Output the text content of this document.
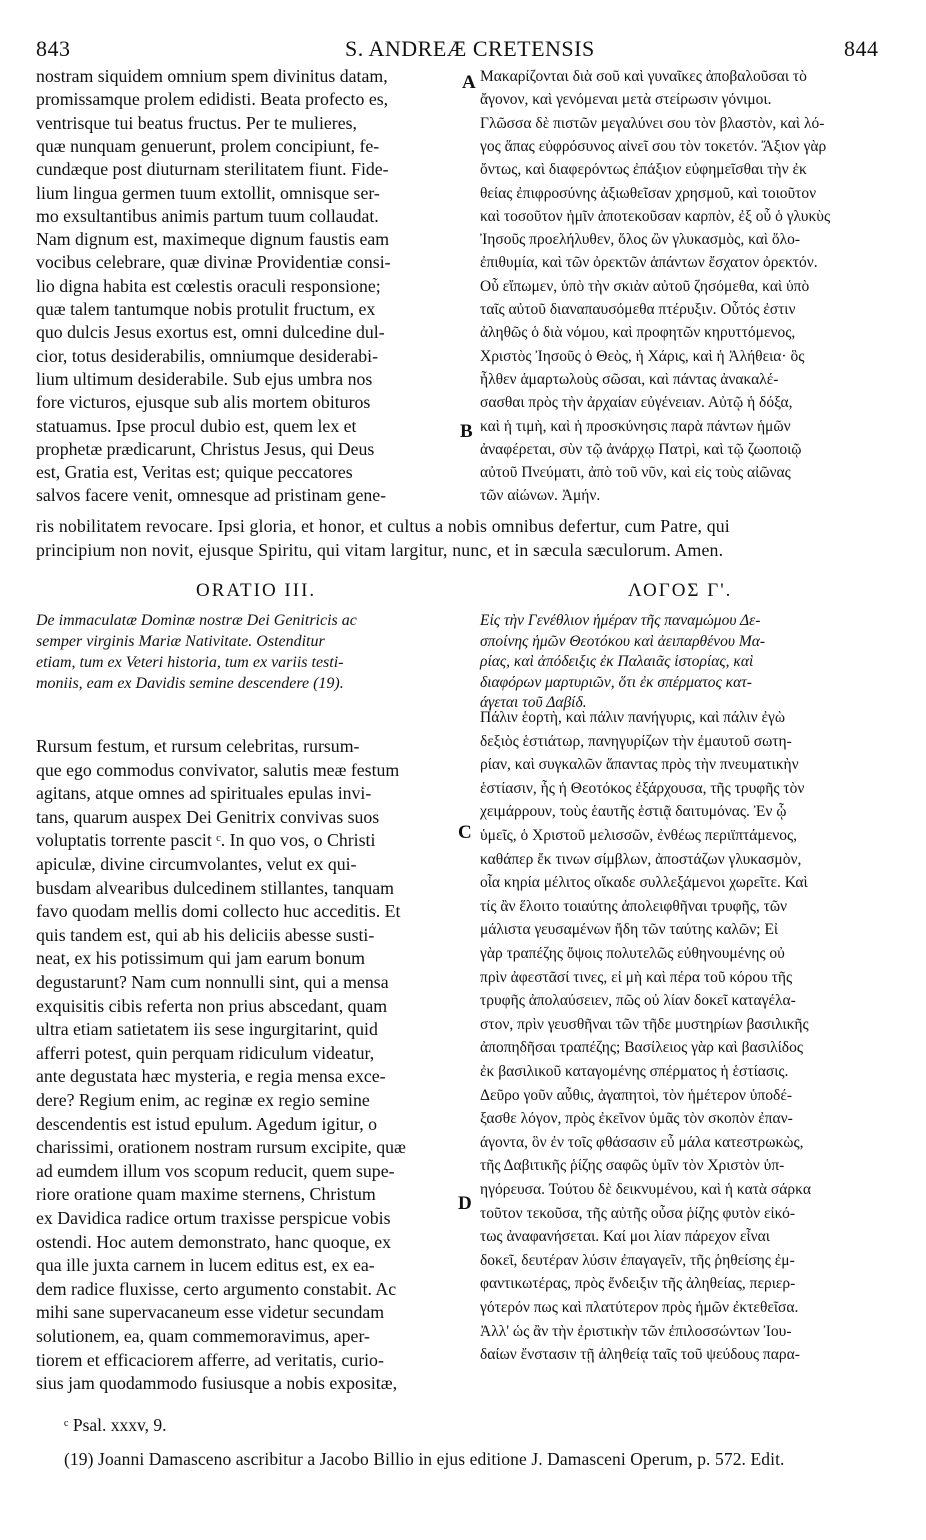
843	S. ANDREÆ CRETENSIS	844
A
B
C
D
nostram siquidem omnium spem divinitus datam,
promissamque prolem edidisti. Beata profecto es,
ventrisque tui beatus fructus. Per te mulieres,
quæ nunquam genuerunt, prolem concipiunt, fe-
cundæque post diuturnam sterilitatem fiunt. Fide-
lium lingua germen tuum extollit, omnisque ser-
mo exsultantibus animis partum tuum collaudat.
Nam dignum est, maximeque dignum faustis eam
vocibus celebrare, quæ divinæ Providentiæ consi-
lio digna habita est cœlestis oraculi responsione;
quæ talem tantumque nobis protulit fructum, ex
quo dulcis Jesus exortus est, omni dulcedine dul-
cior, totus desiderabilis, omniumque desiderabi-
lium ultimum desiderabile. Sub ejus umbra nos
fore victuros, ejusque sub alis mortem obituros
statuamus. Ipse procul dubio est, quem lex et
prophetæ prædicarunt, Christus Jesus, qui Deus
est, Gratia est, Veritas est; quique peccatores
salvos facere venit, omnesque ad pristinam gene-
Μακαρίζονται διὰ σοῦ καὶ γυναῖκες ἀποβαλοῦσαι τὸ
ἄγονον, καὶ γενόμεναι μετὰ στείρωσιν γόνιμοι.
Γλῶσσα δὲ πιστῶν μεγαλύνει σου τὸν βλαστὸν, καὶ λό-
γος ἅπας εὐφρόσυνος αἰνεῖ σου τὸν τοκετόν. Ἄξιον γὰρ
ὄντως, καὶ διαφερόντως ἐπάξιον εὐφημεῖσθαι τὴν ἐκ
θείας ἐπιφροσύνης ἀξιωθεῖσαν χρησμοῦ, καὶ τοιοῦτον
καὶ τοσοῦτον ἡμῖν ἀποτεκοῦσαν καρπὸν, ἐξ οὗ ὁ γλυκὺς
Ἰησοῦς προελήλυθεν, ὅλος ὢν γλυκασμὸς, καὶ ὅλο-
ἐπιθυμία, καὶ τῶν ὀρεκτῶν ἁπάντων ἔσχατον ὀρεκτόν.
Οὗ εἴπωμεν, ὑπὸ τὴν σκιὰν αὐτοῦ ζησόμεθα, καὶ ὑπὸ
ταῖς αὐτοῦ διαναπαυσόμεθα πτέρυξιν. Οὗτός ἐστιν
ἀληθῶς ὁ διὰ νόμου, καὶ προφητῶν κηρυττόμενος,
Χριστὸς Ἰησοῦς ὁ Θεὸς, ἡ Χάρις, καὶ ἡ Ἀλήθεια· ὃς
ἦλθεν ἁμαρτωλοὺς σῶσαι, καὶ πάντας ἀνακαλέ-
σασθαι πρὸς τὴν ἀρχαίαν εὐγένειαν. Αὐτῷ ἡ δόξα,
καὶ ἡ τιμὴ, καὶ ἡ προσκύνησις παρὰ πάντων ἡμῶν
ἀναφέρεται, σὺν τῷ ἀνάρχῳ Πατρὶ, καὶ τῷ ζωοποιῷ
αὐτοῦ Πνεύματι, ἀπὸ τοῦ νῦν, καὶ εἰς τοὺς αἰῶνας
τῶν αἰώνων. Ἀμήν.
ris nobilitatem revocare. Ipsi gloria, et honor, et cultus a nobis omnibus defertur, cum Patre, qui
principium non novit, ejusque Spiritu, qui vitam largitur, nunc, et in sæcula sæculorum. Amen.
ORATIO III.	ΛΟΓΟΣ Γ'.
De immaculatæ Dominæ nostræ Dei Genitricis ac
semper virginis Mariæ Nativitate. Ostenditur
etiam, tum ex Veteri historia, tum ex variis testi-
moniis, eam ex Davidis semine descendere (19).
Εἰς τὴν Γενέθλιον ἡμέραν τῆς παναμώμου Δε-
σποίνης ἡμῶν Θεοτόκου καὶ ἀειπαρθένου Μα-
ρίας, καὶ ἀπόδειξις ἐκ Παλαιᾶς ἱστορίας, καὶ
διαφόρων μαρτυριῶν, ὅτι ἐκ σπέρματος κατ-
άγεται τοῦ Δαβίδ.
Rursum festum, et rursum celebritas, rursum-
que ego commodus convivator, salutis meæ festum
agitans, atque omnes ad spirituales epulas invi-
tans, quarum auspex Dei Genitrix convivas suos
voluptatis torrente pascit ᶜ. In quo vos, o Christi
apiculæ, divine circumvolantes, velut ex qui-
busdam alvearibus dulcedinem stillantes, tanquam
favo quodam mellis domi collecto huc acceditis. Et
quis tandem est, qui ab his deliciis abesse susti-
neat, ex his potissimum qui jam earum bonum
degustarunt? Nam cum nonnulli sint, qui a mensa
exquisitis cibis referta non prius abscedant, quam
ultra etiam satietatem iis sese ingurgitarint, quid
afferri potest, quin perquam ridiculum videatur,
ante degustata hæc mysteria, e regia mensa exce-
dere? Regium enim, ac reginæ ex regio semine
descendentis est istud epulum. Agedum igitur, o
charissimi, orationem nostram rursum excipite, quæ
ad eumdem illum vos scopum reducit, quem supe-
riore oratione quam maxime sternens, Christum
ex Davidica radice ortum traxisse perspicue vobis
ostendi. Hoc autem demonstrato, hanc quoque, ex
qua ille juxta carnem in lucem editus est, ex ea-
dem radice fluxisse, certo argumento constabit. Ac
mihi sane supervacaneum esse videtur secundam
solutionem, ea, quam commemoravimus, aper-
tiorem et efficaciorem afferre, ad veritatis, curio-
sius jam quodammodo fusiusque a nobis expositæ,
Πάλιν ἑορτὴ, καὶ πάλιν πανήγυρις, καὶ πάλιν ἐγὼ
δεξιὸς ἑστιάτωρ, πανηγυρίζων τὴν ἐμαυτοῦ σωτη-
ρίαν, καὶ συγκαλῶν ἅπαντας πρὸς τὴν πνευματικὴν
ἑστίασιν, ἧς ἡ Θεοτόκος ἐξάρχουσα, τῆς τρυφῆς τὸν
χειμάρρουν, τοὺς ἑαυτῆς ἑστιᾷ δαιτυμόνας. Ἐν ᾧ
ὑμεῖς, ὁ Χριστοῦ μελισσῶν, ἐνθέως περιϊπτάμενος,
καθάπερ ἔκ τινων σίμβλων, ἀποστάζων γλυκασμὸν,
οἷα κηρία μέλιτος οἴκαδε συλλεξάμενοι χωρεῖτε. Καὶ
τίς ἂν ἕλοιτο τοιαύτης ἀπολειφθῆναι τρυφῆς, τῶν
μάλιστα γευσαμένων ἤδη τῶν ταύτης καλῶν; Εἰ
γὰρ τραπέζης ὄψοις πολυτελῶς εὐθηνουμένης οὐ
πρὶν ἀφεστᾶσί τινες, εἰ μὴ καὶ πέρα τοῦ κόρου τῆς
τρυφῆς ἀπολαύσειεν, πῶς οὐ λίαν δοκεῖ καταγέλα-
στον, πρὶν γευσθῆναι τῶν τῆδε μυστηρίων βασιλικῆς
ἀποπηδῆσαι τραπέζης; Βασίλειος γὰρ καὶ βασιλίδος
ἐκ βασιλικοῦ καταγομένης σπέρματος ἡ ἑστίασις.
Δεῦρο γοῦν αὖθις, ἀγαπητοὶ, τὸν ἡμέτερον ὑποδέ-
ξασθε λόγον, πρὸς ἐκεῖνον ὑμᾶς τὸν σκοπὸν ἐπαν-
άγοντα, ὃν ἐν τοῖς φθάσασιν εὖ μάλα κατεστρωκὼς,
τῆς Δαβιτικῆς ῥίζης σαφῶς ὑμῖν τὸν Χριστὸν ὑπ-
ηγόρευσα. Τούτου δὲ δεικνυμένου, καὶ ἡ κατὰ σάρκα
τοῦτον τεκοῦσα, τῆς αὐτῆς οὖσα ῥίζης φυτὸν εἰκό-
τως ἀναφανήσεται. Καί μοι λίαν πάρεχον εἶναι
δοκεῖ, δευτέραν λύσιν ἐπαγαγεῖν, τῆς ῥηθείσης ἐμ-
φαντικωτέρας, πρὸς ἔνδειξιν τῆς ἀληθείας, περιερ-
γότερόν πως καὶ πλατύτερον πρὸς ἡμῶν ἐκτεθεῖσα.
Ἀλλ' ὡς ἂν τὴν ἐριστικὴν τῶν ἐπιλοσσώντων Ἰου-
δαίων ἔνστασιν τῇ ἀληθείᾳ ταῖς τοῦ ψεύδους παρα-
ᶜ Psal. xxxv, 9.
(19) Joanni Damasceno ascribitur a Jacobo Billio in ejus editione J. Damasceni Operum, p. 572. Edit.
